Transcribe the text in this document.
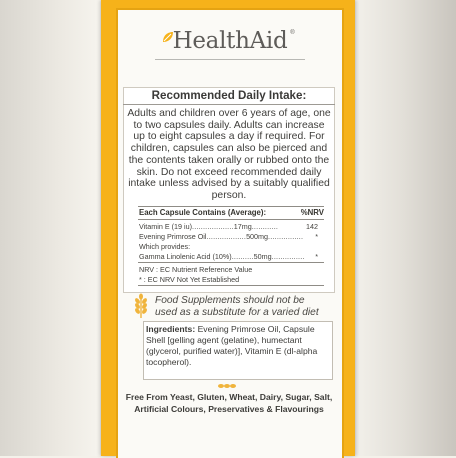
HealthAid ®
Recommended Daily Intake:
Adults and children over 6 years of age, one to two capsules daily. Adults can increase up to eight capsules a day if required. For children, capsules can also be pierced and the contents taken orally or rubbed onto the skin. Do not exceed recommended daily intake unless advised by a suitably qualified person.
Each Capsule Contains (Average):	%NRV
Vitamin E (19 iu)...................17mg............	142
Evening Primrose Oil..................500mg................ *
Which provides:
Gamma Linolenic Acid (10%)..........50mg............... *
NRV : EC Nutrient Reference Value
* : EC NRV Not Yet Established
Food Supplements should not be used as a substitute for a varied diet
Ingredients: Evening Primrose Oil, Capsule Shell [gelling agent (gelatine), humectant (glycerol, purified water)], Vitamin E (dl-alpha tocopherol).
Free From Yeast, Gluten, Wheat, Dairy, Sugar, Salt, Artificial Colours, Preservatives & Flavourings
